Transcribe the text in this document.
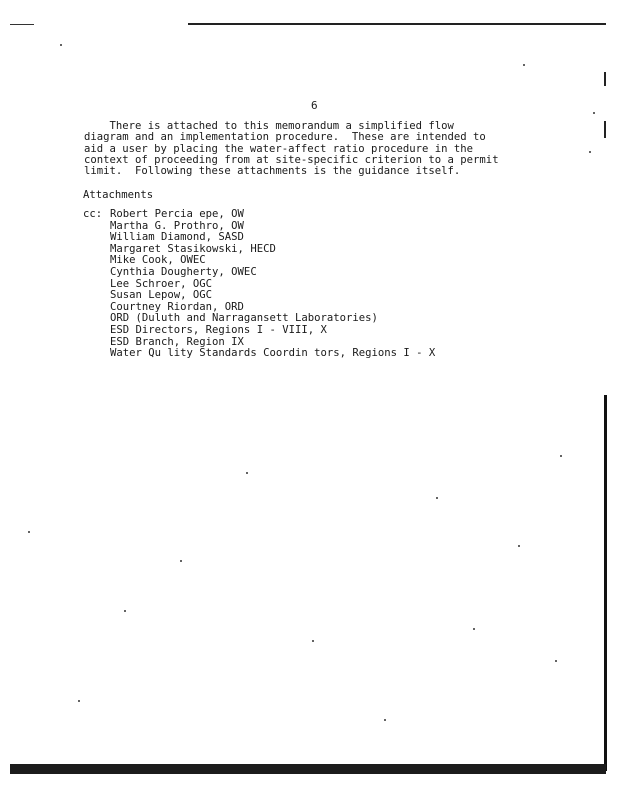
6
There is attached to this memorandum a simplified flow
diagram and an implementation procedure.  These are intended to
aid a user by placing the water-affect ratio procedure in the
context of proceeding from at site-specific criterion to a permit
limit.  Following these attachments is the guidance itself.
Attachments
cc: Robert Percia epe, OW
Martha G. Prothro, OW
William Diamond, SASD
Margaret Stasikowski, HECD
Mike Cook, OWEC
Cynthia Dougherty, OWEC
Lee Schroer, OGC
Susan Lepow, OGC
Courtney Riordan, ORD
ORD (Duluth and Narragansett Laboratories)
ESD Directors, Regions I - VIII, X
ESD Branch, Region IX
Water Qu lity Standards Coordin tors, Regions I - X
